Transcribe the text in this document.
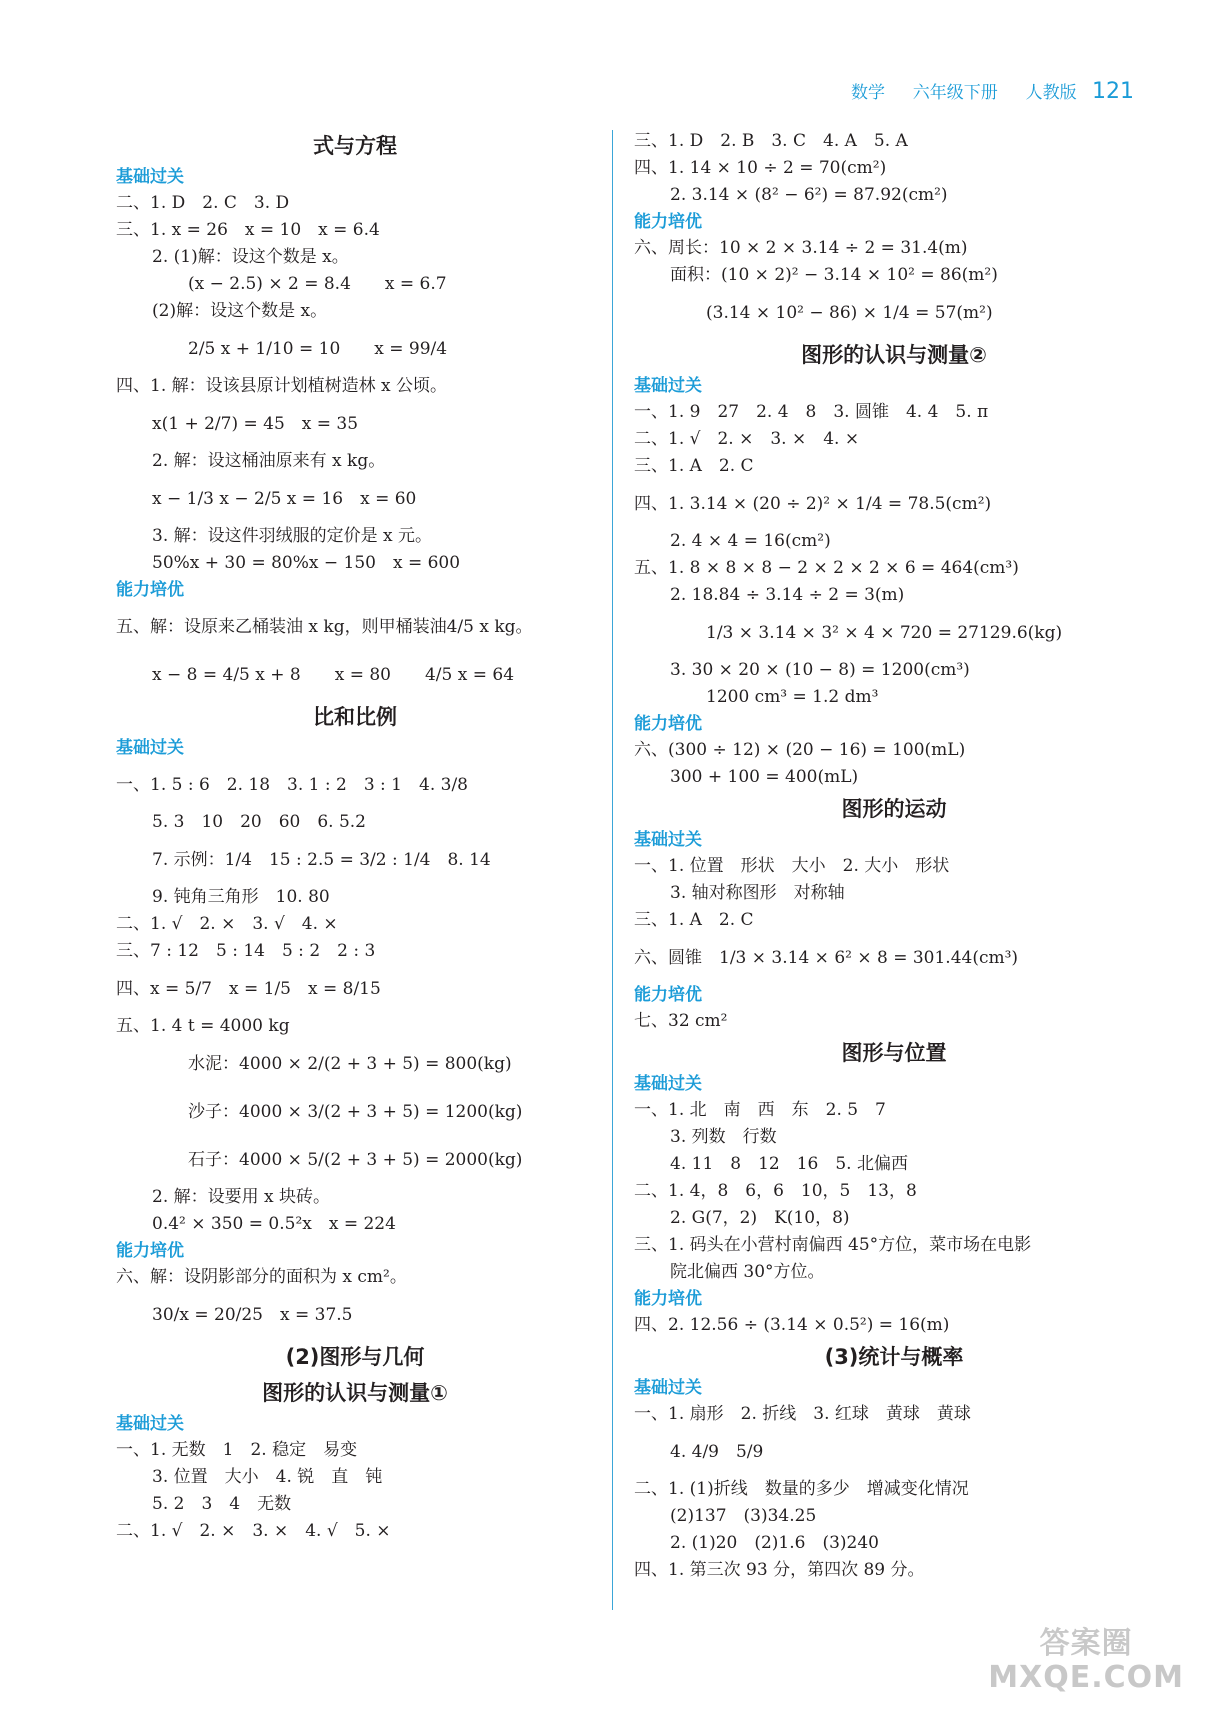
数学 　 六年级下册 　 人教版 121
式与方程
基础过关
二、1. D　2. C　3. D
三、1. x = 26　x = 10　x = 6.4
2. (1)解：设这个数是 x。
(x − 2.5) × 2 = 8.4　　x = 6.7
(2)解：设这个数是 x。
2/5 x + 1/10 = 10　　x = 99/4
四、1. 解：设该县原计划植树造林 x 公顷。
x(1 + 2/7) = 45　x = 35
2. 解：设这桶油原来有 x kg。
x − 1/3 x − 2/5 x = 16　x = 60
3. 解：设这件羽绒服的定价是 x 元。
50%x + 30 = 80%x − 150　x = 600
能力培优
五、解：设原来乙桶装油 x kg，则甲桶装油4/5 x kg。
x − 8 = 4/5 x + 8　　x = 80　　4/5 x = 64
比和比例
基础过关
一、1. 5 : 6　2. 18　3. 1 : 2　3 : 1　4. 3/8
5. 3　10　20　60　6. 5.2
7. 示例：1/4　15 : 2.5 = 3/2 : 1/4　8. 14
9. 钝角三角形　10. 80
二、1. √　2. ×　3. √　4. ×
三、7 : 12　5 : 14　5 : 2　2 : 3
四、x = 5/7　x = 1/5　x = 8/15
五、1. 4 t = 4000 kg
水泥：4000 × 2/(2 + 3 + 5) = 800(kg)
沙子：4000 × 3/(2 + 3 + 5) = 1200(kg)
石子：4000 × 5/(2 + 3 + 5) = 2000(kg)
2. 解：设要用 x 块砖。
0.4² × 350 = 0.5²x　x = 224
能力培优
六、解：设阴影部分的面积为 x cm²。
30/x = 20/25　x = 37.5
(2)图形与几何
图形的认识与测量①
基础过关
一、1. 无数　1　2. 稳定　易变
3. 位置　大小　4. 锐　直　钝
5. 2　3　4　无数
二、1. √　2. ×　3. ×　4. √　5. ×
三、1. D　2. B　3. C　4. A　5. A
四、1. 14 × 10 ÷ 2 = 70(cm²)
2. 3.14 × (8² − 6²) = 87.92(cm²)
能力培优
六、周长：10 × 2 × 3.14 ÷ 2 = 31.4(m)
面积：(10 × 2)² − 3.14 × 10² = 86(m²)
(3.14 × 10² − 86) × 1/4 = 57(m²)
图形的认识与测量②
基础过关
一、1. 9　27　2. 4　8　3. 圆锥　4. 4　5. π
二、1. √　2. ×　3. ×　4. ×
三、1. A　2. C
四、1. 3.14 × (20 ÷ 2)² × 1/4 = 78.5(cm²)
2. 4 × 4 = 16(cm²)
五、1. 8 × 8 × 8 − 2 × 2 × 2 × 6 = 464(cm³)
2. 18.84 ÷ 3.14 ÷ 2 = 3(m)
1/3 × 3.14 × 3² × 4 × 720 = 27129.6(kg)
3. 30 × 20 × (10 − 8) = 1200(cm³)
1200 cm³ = 1.2 dm³
能力培优
六、(300 ÷ 12) × (20 − 16) = 100(mL)
300 + 100 = 400(mL)
图形的运动
基础过关
一、1. 位置　形状　大小　2. 大小　形状
3. 轴对称图形　对称轴
三、1. A　2. C
六、圆锥　1/3 × 3.14 × 6² × 8 = 301.44(cm³)
能力培优
七、32 cm²
图形与位置
基础过关
一、1. 北　南　西　东　2. 5　7
3. 列数　行数
4. 11　8　12　16　5. 北偏西
二、1. 4，8　6，6　10，5　13，8
2. G(7，2)　K(10，8)
三、1. 码头在小营村南偏西 45°方位，菜市场在电影
院北偏西 30°方位。
能力培优
四、2. 12.56 ÷ (3.14 × 0.5²) = 16(m)
(3)统计与概率
基础过关
一、1. 扇形　2. 折线　3. 红球　黄球　黄球
4. 4/9　5/9
二、1. (1)折线　数量的多少　增减变化情况
(2)137　(3)34.25
2. (1)20　(2)1.6　(3)240
四、1. 第三次 93 分，第四次 89 分。
答案圈
MXQE.COM
